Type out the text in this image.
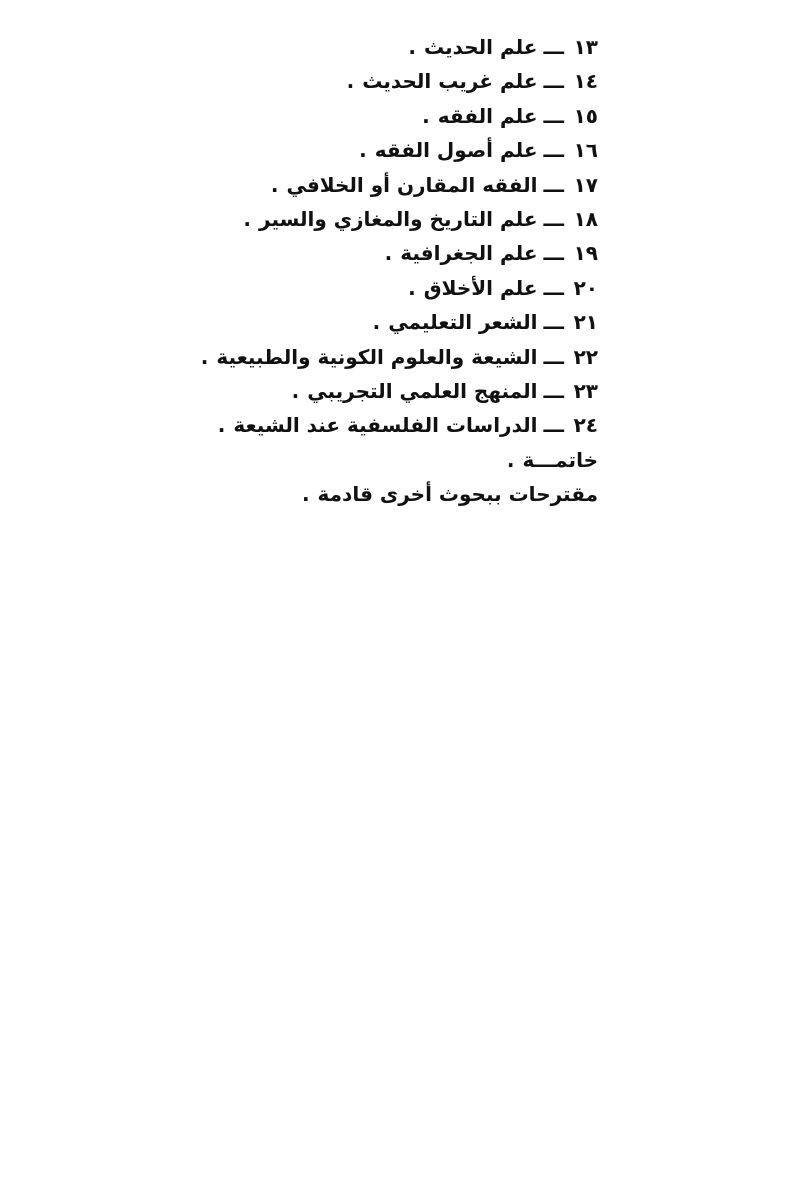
١٣ـــعلم الحديث.
١٤ـــعلم غريب الحديث.
١٥ـــعلم الفقه.
١٦ـــعلم أصول الفقه.
١٧ـــالفقه المقارن أو الخلافي.
١٨ـــعلم التاريخ والمغازي والسير.
١٩ـــعلم الجغرافية.
٢٠ـــعلم الأخلاق.
٢١ـــالشعر التعليمي.
٢٢ـــالشيعة والعلوم الكونية والطبيعية.
٢٣ـــالمنهج العلمي التجريبي.
٢٤ـــالدراسات الفلسفية عند الشيعة.
خاتمـــة.
مقترحات ببحوث أخرى قادمة.
